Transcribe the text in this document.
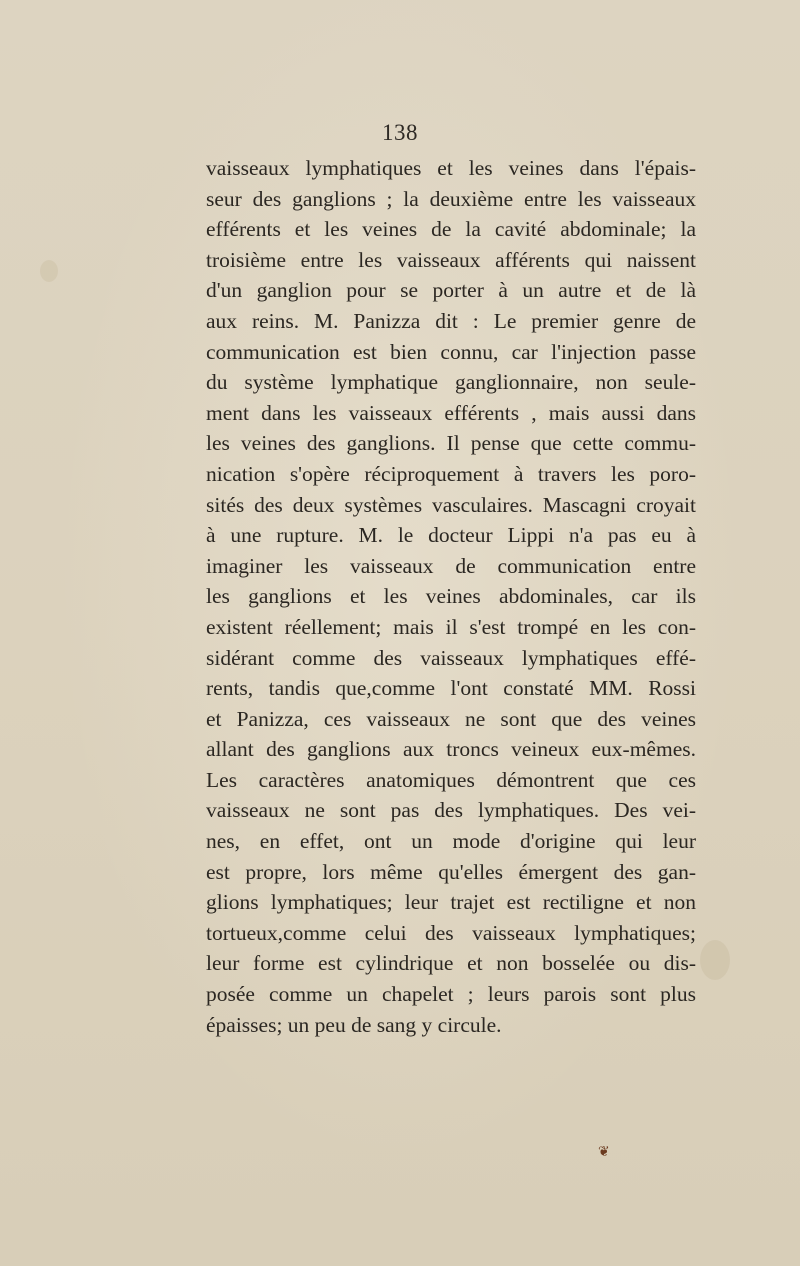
138
vaisseaux lymphatiques et les veines dans l'épais-
seur des ganglions ; la deuxième entre les vaisseaux
efférents et les veines de la cavité abdominale; la
troisième entre les vaisseaux afférents qui naissent
d'un ganglion pour se porter à un autre et de là
aux reins. M. Panizza dit : Le premier genre de
communication est bien connu, car l'injection passe
du système lymphatique ganglionnaire, non seule-
ment dans les vaisseaux efférents , mais aussi dans
les veines des ganglions. Il pense que cette commu-
nication s'opère réciproquement à travers les poro-
sités des deux systèmes vasculaires. Mascagni croyait
à une rupture. M. le docteur Lippi n'a pas eu à
imaginer les vaisseaux de communication entre
les ganglions et les veines abdominales, car ils
existent réellement; mais il s'est trompé en les con-
sidérant comme des vaisseaux lymphatiques effé-
rents, tandis que,comme l'ont constaté MM. Rossi
et Panizza, ces vaisseaux ne sont que des veines
allant des ganglions aux troncs veineux eux-mêmes.
Les caractères anatomiques démontrent que ces
vaisseaux ne sont pas des lymphatiques. Des vei-
nes, en effet, ont un mode d'origine qui leur
est propre, lors même qu'elles émergent des gan-
glions lymphatiques; leur trajet est rectiligne et non
tortueux,comme celui des vaisseaux lymphatiques;
leur forme est cylindrique et non bosselée ou dis-
posée comme un chapelet ; leurs parois sont plus
épaisses; un peu de sang y circule.
❦
